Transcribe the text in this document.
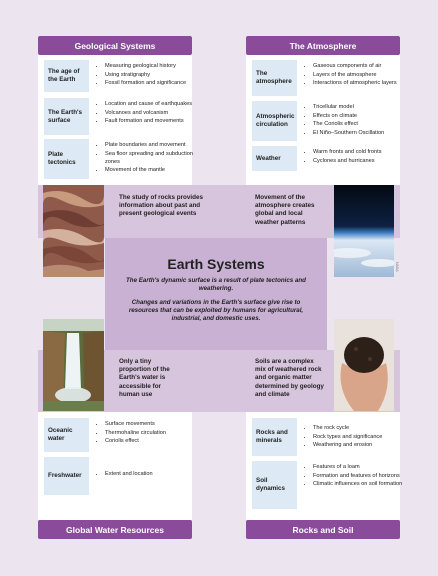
Earth Systems

The Earth's dynamic surface is a result of plate tectonics and weathering.

Changes and variations in the Earth's surface give rise to resources that can be exploited by humans for agricultural, industrial, and domestic uses.

Geological Systems
The age of the Earth
• Measuring geological history
• Using stratigraphy
• Fossil formation and significance
The Earth's surface
• Location and cause of earthquakes
• Volcanoes and volcanism
• Fault formation and movements
Plate tectonics
• Plate boundaries and movement
• Sea floor spreading and subduction zones
• Movement of the mantle
The Atmosphere
The atmosphere
• Gaseous components of air
• Layers of the atmosphere
• Interactions of atmospheric layers
Atmospheric circulation
• Tricellular model
• Effects on climate
• The Coriolis effect
• El Niño–Southern Oscillation
Weather
• Warm fronts and cold fronts
• Cyclones and hurricanes
The study of rocks provides information about past and present geological events
Movement of the atmosphere creates global and local weather patterns
NASA
Only a tiny proportion of the Earth's water is accessible for human use
Soils are a complex mix of weathered rock and organic matter determined by geology and climate
Oceanic water
• Surface movements
• Thermohaline circulation
• Coriolis effect
Freshwater
•	Extent and location
Global Water Resources
Rocks and minerals
• The rock cycle
• Rock types and significance
• Weathering and erosion
Soil dynamics
• Features of a loam
• Formation and features of horizons
• Climatic influences on soil formation
Rocks and Soil
